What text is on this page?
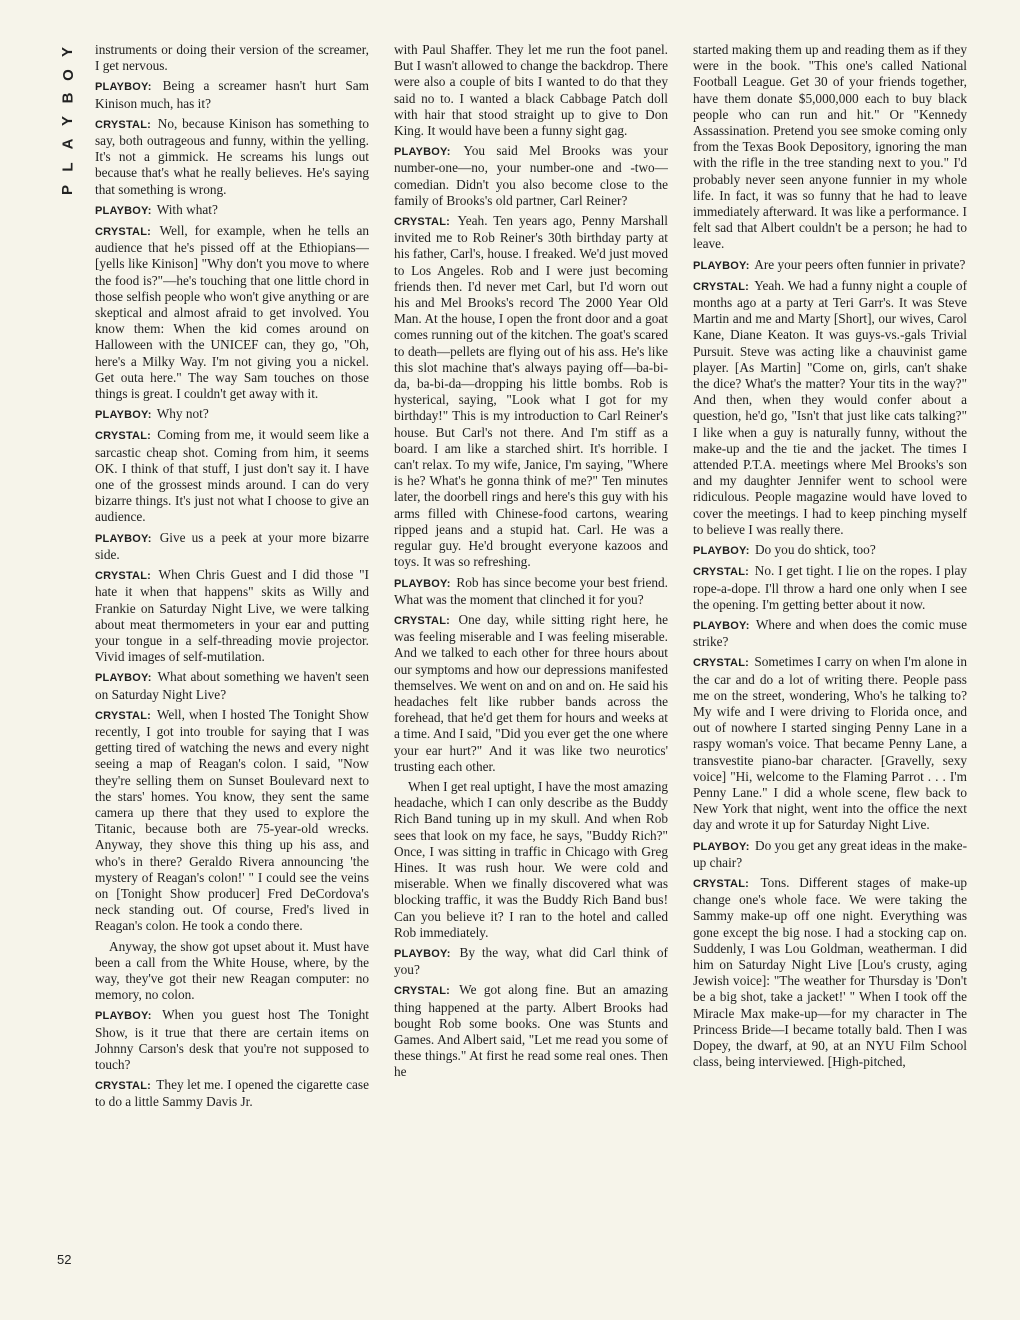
Y
O
B
Y
A
L
P

instruments or doing their version of the screamer, I get nervous.

PLAYBOY: Being a screamer hasn't hurt Sam Kinison much, has it?

CRYSTAL: No, because Kinison has something to say, both outrageous and funny, within the yelling. It's not a gimmick. He screams his lungs out because that's what he really believes. He's saying that something is wrong.

PLAYBOY: With what?

CRYSTAL: Well, for example, when he tells an audience that he's pissed off at the Ethiopians—[yells like Kinison] "Why don't you move to where the food is?"—he's touching that one little chord in those selfish people who won't give anything or are skeptical and almost afraid to get involved. You know them: When the kid comes around on Halloween with the UNICEF can, they go, "Oh, here's a Milky Way. I'm not giving you a nickel. Get outa here." The way Sam touches on those things is great. I couldn't get away with it.

PLAYBOY: Why not?

CRYSTAL: Coming from me, it would seem like a sarcastic cheap shot. Coming from him, it seems OK. I think of that stuff, I just don't say it. I have one of the grossest minds around. I can do very bizarre things. It's just not what I choose to give an audience.

PLAYBOY: Give us a peek at your more bizarre side.

CRYSTAL: When Chris Guest and I did those "I hate it when that happens" skits as Willy and Frankie on Saturday Night Live, we were talking about meat thermometers in your ear and putting your tongue in a self-threading movie projector. Vivid images of self-mutilation.

PLAYBOY: What about something we haven't seen on Saturday Night Live?

CRYSTAL: Well, when I hosted The Tonight Show recently, I got into trouble for saying that I was getting tired of watching the news and every night seeing a map of Reagan's colon. I said, "Now they're selling them on Sunset Boulevard next to the stars' homes. You know, they sent the same camera up there that they used to explore the Titanic, because both are 75-year-old wrecks. Anyway, they shove this thing up his ass, and who's in there? Geraldo Rivera announcing 'the mystery of Reagan's colon!' " I could see the veins on [Tonight Show producer] Fred DeCordova's neck standing out. Of course, Fred's lived in Reagan's colon. He took a condo there.

Anyway, the show got upset about it. Must have been a call from the White House, where, by the way, they've got their new Reagan computer: no memory, no colon.

PLAYBOY: When you guest host The Tonight Show, is it true that there are certain items on Johnny Carson's desk that you're not supposed to touch?

CRYSTAL: They let me. I opened the cigarette case to do a little Sammy Davis Jr.

with Paul Shaffer. They let me run the foot panel. But I wasn't allowed to change the backdrop. There were also a couple of bits I wanted to do that they said no to. I wanted a black Cabbage Patch doll with hair that stood straight up to give to Don King. It would have been a funny sight gag.

PLAYBOY: You said Mel Brooks was your number-one—no, your number-one and -two—comedian. Didn't you also become close to the family of Brooks's old partner, Carl Reiner?

CRYSTAL: Yeah. Ten years ago, Penny Marshall invited me to Rob Reiner's 30th birthday party at his father, Carl's, house. I freaked. We'd just moved to Los Angeles. Rob and I were just becoming friends then. I'd never met Carl, but I'd worn out his and Mel Brooks's record The 2000 Year Old Man. At the house, I open the front door and a goat comes running out of the kitchen. The goat's scared to death—pellets are flying out of his ass. He's like this slot machine that's always paying off—ba-bi-da, ba-bi-da—dropping his little bombs. Rob is hysterical, saying, "Look what I got for my birthday!" This is my introduction to Carl Reiner's house. But Carl's not there. And I'm stiff as a board. I am like a starched shirt. It's horrible. I can't relax. To my wife, Janice, I'm saying, "Where is he? What's he gonna think of me?" Ten minutes later, the doorbell rings and here's this guy with his arms filled with Chinese-food cartons, wearing ripped jeans and a stupid hat. Carl. He was a regular guy. He'd brought everyone kazoos and toys. It was so refreshing.

PLAYBOY: Rob has since become your best friend. What was the moment that clinched it for you?

CRYSTAL: One day, while sitting right here, he was feeling miserable and I was feeling miserable. And we talked to each other for three hours about our symptoms and how our depressions manifested themselves. We went on and on and on. He said his headaches felt like rubber bands across the forehead, that he'd get them for hours and weeks at a time. And I said, "Did you ever get the one where your ear hurt?" And it was like two neurotics' trusting each other.

When I get real uptight, I have the most amazing headache, which I can only describe as the Buddy Rich Band tuning up in my skull. And when Rob sees that look on my face, he says, "Buddy Rich?" Once, I was sitting in traffic in Chicago with Greg Hines. It was rush hour. We were cold and miserable. When we finally discovered what was blocking traffic, it was the Buddy Rich Band bus! Can you believe it? I ran to the hotel and called Rob immediately.

PLAYBOY: By the way, what did Carl think of you?

CRYSTAL: We got along fine. But an amazing thing happened at the party. Albert Brooks had bought Rob some books. One was Stunts and Games. And Albert said, "Let me read you some of these things." At first he read some real ones. Then he

started making them up and reading them as if they were in the book. "This one's called National Football League. Get 30 of your friends together, have them donate $5,000,000 each to buy black people who can run and hit." Or "Kennedy Assassination. Pretend you see smoke coming only from the Texas Book Depository, ignoring the man with the rifle in the tree standing next to you." I'd probably never seen anyone funnier in my whole life. In fact, it was so funny that he had to leave immediately afterward. It was like a performance. I felt sad that Albert couldn't be a person; he had to leave.

PLAYBOY: Are your peers often funnier in private?

CRYSTAL: Yeah. We had a funny night a couple of months ago at a party at Teri Garr's. It was Steve Martin and me and Marty [Short], our wives, Carol Kane, Diane Keaton. It was guys-vs.-gals Trivial Pursuit. Steve was acting like a chauvinist game player. [As Martin] "Come on, girls, can't shake the dice? What's the matter? Your tits in the way?" And then, when they would confer about a question, he'd go, "Isn't that just like cats talking?" I like when a guy is naturally funny, without the make-up and the tie and the jacket. The times I attended P.T.A. meetings where Mel Brooks's son and my daughter Jennifer went to school were ridiculous. People magazine would have loved to cover the meetings. I had to keep pinching myself to believe I was really there.

PLAYBOY: Do you do shtick, too?

CRYSTAL: No. I get tight. I lie on the ropes. I play rope-a-dope. I'll throw a hard one only when I see the opening. I'm getting better about it now.

PLAYBOY: Where and when does the comic muse strike?

CRYSTAL: Sometimes I carry on when I'm alone in the car and do a lot of writing there. People pass me on the street, wondering, Who's he talking to? My wife and I were driving to Florida once, and out of nowhere I started singing Penny Lane in a raspy woman's voice. That became Penny Lane, a transvestite piano-bar character. [Gravelly, sexy voice] "Hi, welcome to the Flaming Parrot . . . I'm Penny Lane." I did a whole scene, flew back to New York that night, went into the office the next day and wrote it up for Saturday Night Live.

PLAYBOY: Do you get any great ideas in the make-up chair?

CRYSTAL: Tons. Different stages of make-up change one's whole face. We were taking the Sammy make-up off one night. Everything was gone except the big nose. I had a stocking cap on. Suddenly, I was Lou Goldman, weatherman. I did him on Saturday Night Live [Lou's crusty, aging Jewish voice]: "The weather for Thursday is 'Don't be a big shot, take a jacket!' " When I took off the Miracle Max make-up—for my character in The Princess Bride—I became totally bald. Then I was Dopey, the dwarf, at 90, at an NYU Film School class, being interviewed. [High-pitched,

52
